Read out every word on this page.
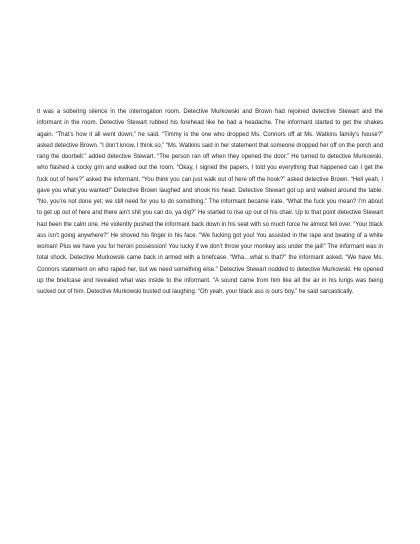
It was a sobering silence in the interrogation room. Detective Murkowski and Brown had rejoined detective Stewart and the informant in the room. Detective Stewart rubbed his forehead like he had a headache. The informant started to get the shakes again. “That’s how it all went down,” he said. “Timmy is the one who dropped Ms. Connors off at Ms. Watkins family’s house?” asked detective Brown. “I don’t know, I think so,” “Ms. Watkins said in her statement that someone dropped her off on the porch and rang the doorbell.” added detective Stewart. “The person ran off when they opened the door.” He turned to detective Murkowski, who flashed a cocky grin and walked out the room. “Okay, I signed the papers, I told you everything that happened can I get the fuck out of here?” asked the informant. “You think you can just walk out of here off the hook?” asked detective Brown. “Hell yeah, I gave you what you wanted!” Detective Brown laughed and shook his head. Detective Stewart got up and walked around the table. “No, you’re not done yet; we still need for you to do something.” The informant became irate. “What the fuck you mean? I’m about to get up out of here and there ain’t shit you can do, ya dig?” He started to rise up out of his chair. Up to that point detective Stewart had been the calm one. He violently pushed the informant back down in his seat with so much force he almost fell over. “Your black ass isn’t going anywhere?” He shoved his finger in his face. “We fucking got you! You assisted in the rape and beating of a white woman! Plus we have you for heroin possession! You lucky if we don’t throw your monkey ass under the jail!” The informant was in total shock. Detective Murkowski came back in armed with a briefcase. “Wha…what is that?” the informant asked. “We have Ms. Connors statement on who raped her, but we need something else.” Detective Stewart nodded to detective Murkowski. He opened up the briefcase and revealed what was inside to the informant. “A sound came from him like all the air in his lungs was being sucked out of him. Detective Murkowski busted out laughing. “Oh yeah, your black ass is ours boy,” he said sarcastically.
